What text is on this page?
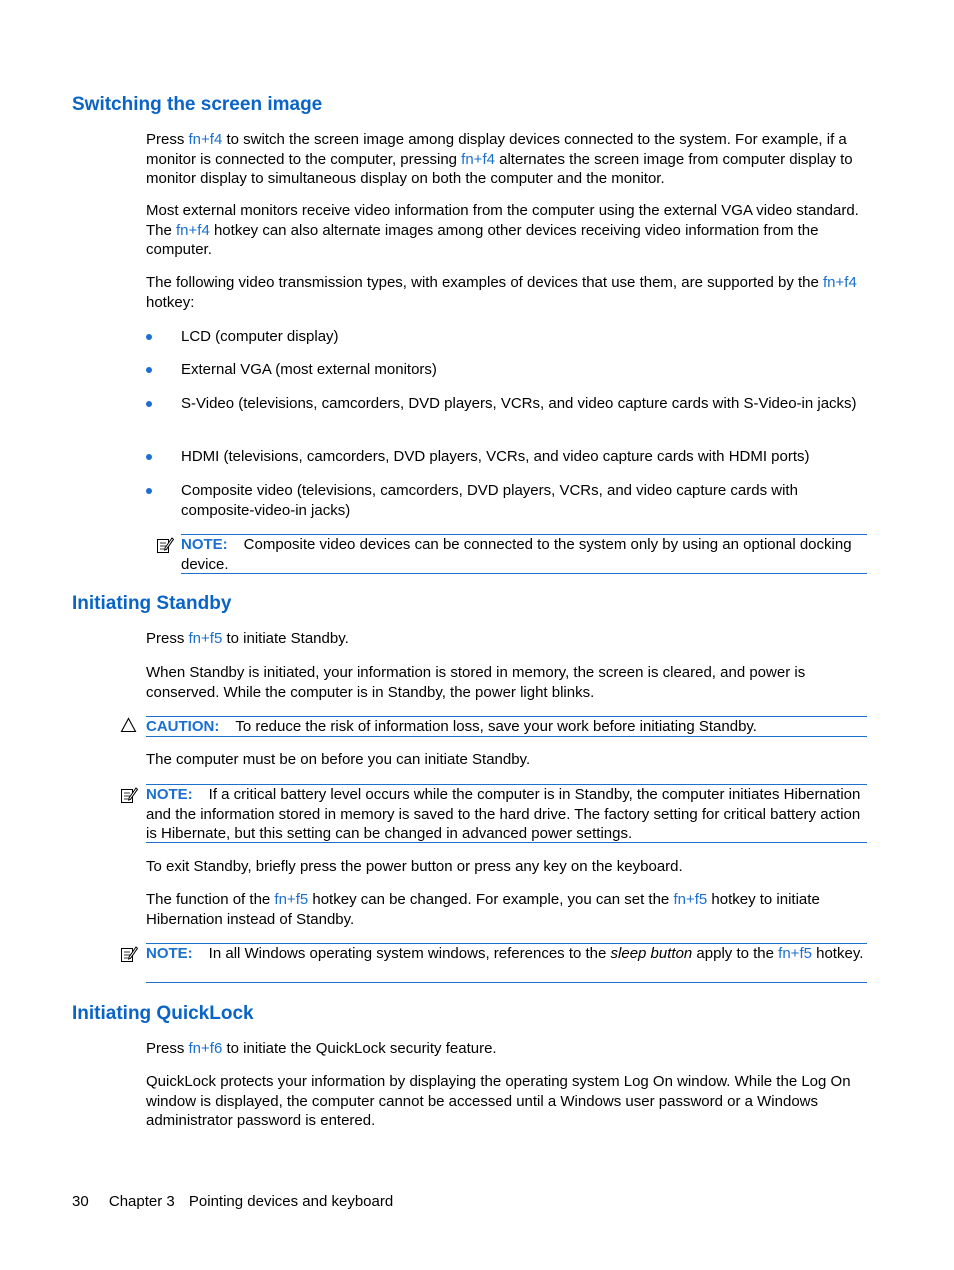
Switching the screen image

Press fn+f4 to switch the screen image among display devices connected to the system. For example, if a monitor is connected to the computer, pressing fn+f4 alternates the screen image from computer display to monitor display to simultaneous display on both the computer and the monitor.

Most external monitors receive video information from the computer using the external VGA video standard. The fn+f4 hotkey can also alternate images among other devices receiving video information from the computer.

The following video transmission types, with examples of devices that use them, are supported by the fn+f4 hotkey:

LCD (computer display)
External VGA (most external monitors)
S-Video (televisions, camcorders, DVD players, VCRs, and video capture cards with S-Video-in jacks)
HDMI (televisions, camcorders, DVD players, VCRs, and video capture cards with HDMI ports)
Composite video (televisions, camcorders, DVD players, VCRs, and video capture cards with composite-video-in jacks)
NOTE: Composite video devices can be connected to the system only by using an optional docking device.
Initiating Standby

Press fn+f5 to initiate Standby.

When Standby is initiated, your information is stored in memory, the screen is cleared, and power is conserved. While the computer is in Standby, the power light blinks.

CAUTION: To reduce the risk of information loss, save your work before initiating Standby.

The computer must be on before you can initiate Standby.

NOTE: If a critical battery level occurs while the computer is in Standby, the computer initiates Hibernation and the information stored in memory is saved to the hard drive. The factory setting for critical battery action is Hibernate, but this setting can be changed in advanced power settings.

To exit Standby, briefly press the power button or press any key on the keyboard.

The function of the fn+f5 hotkey can be changed. For example, you can set the fn+f5 hotkey to initiate Hibernation instead of Standby.

NOTE: In all Windows operating system windows, references to the sleep button apply to the fn+f5 hotkey.
Initiating QuickLock

Press fn+f6 to initiate the QuickLock security feature.

QuickLock protects your information by displaying the operating system Log On window. While the Log On window is displayed, the computer cannot be accessed until a Windows user password or a Windows administrator password is entered.

30 Chapter 3 Pointing devices and keyboard
